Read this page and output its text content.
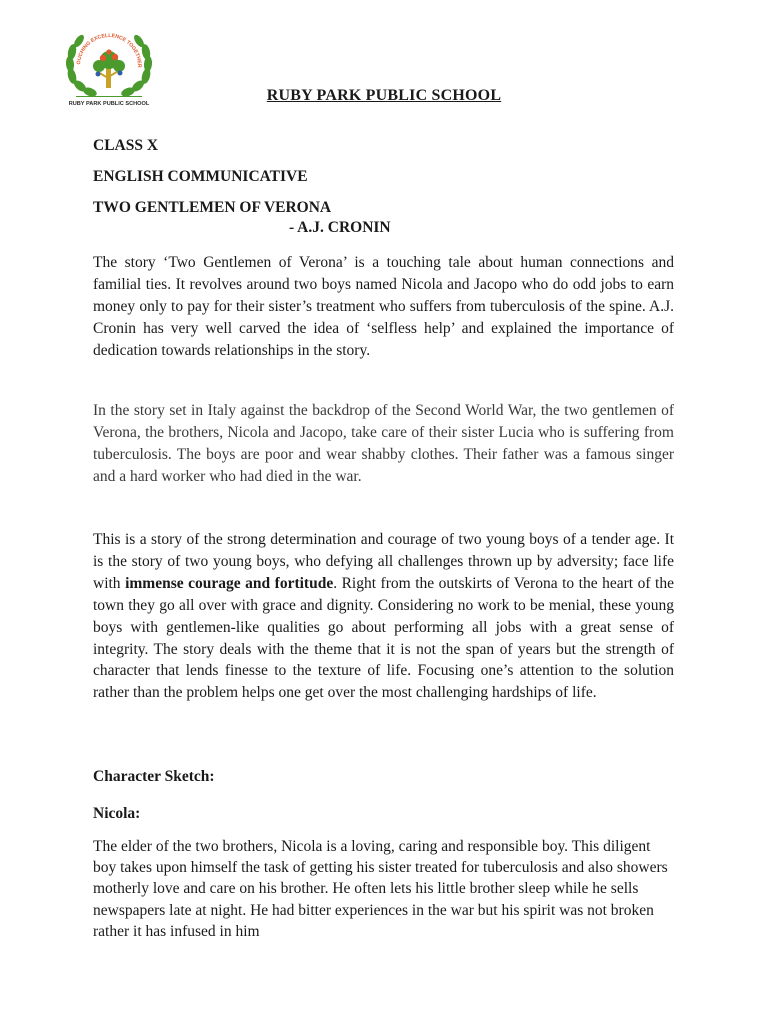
OUCHING EXCELLENCE TOGETHER
RUBY PARK PUBLIC SCHOOL	RUBY PARK PUBLIC SCHOOL
CLASS X
ENGLISH COMMUNICATIVE
TWO GENTLEMEN OF VERONA
- A.J. CRONIN

The story ‘Two Gentlemen of Verona’ is a touching tale about human connections and familial ties. It revolves around two boys named Nicola and Jacopo who do odd jobs to earn money only to pay for their sister’s treatment who suffers from tuberculosis of the spine. A.J. Cronin has very well carved the idea of ‘selfless help’ and explained the importance of dedication towards relationships in the story.

In the story set in Italy against the backdrop of the Second World War, the two gentlemen of Verona, the brothers, Nicola and Jacopo, take care of their sister Lucia who is suffering from tuberculosis. The boys are poor and wear shabby clothes. Their father was a famous singer and a hard worker who had died in the war.

This is a story of the strong determination and courage of two young boys of a tender age. It is the story of two young boys, who defying all challenges thrown up by adversity; face life with immense courage and fortitude. Right from the outskirts of Verona to the heart of the town they go all over with grace and dignity. Considering no work to be menial, these young boys with gentlemen-like qualities go about performing all jobs with a great sense of integrity. The story deals with the theme that it is not the span of years but the strength of character that lends finesse to the texture of life. Focusing one’s attention to the solution rather than the problem helps one get over the most challenging hardships of life.

Character Sketch:
Nicola:

The elder of the two brothers, Nicola is a loving, caring and responsible boy. This diligent boy takes upon himself the task of getting his sister treated for tuberculosis and also showers motherly love and care on his brother. He often lets his little brother sleep while he sells newspapers late at night. He had bitter experiences in the war but his spirit was not broken rather it has infused in him
